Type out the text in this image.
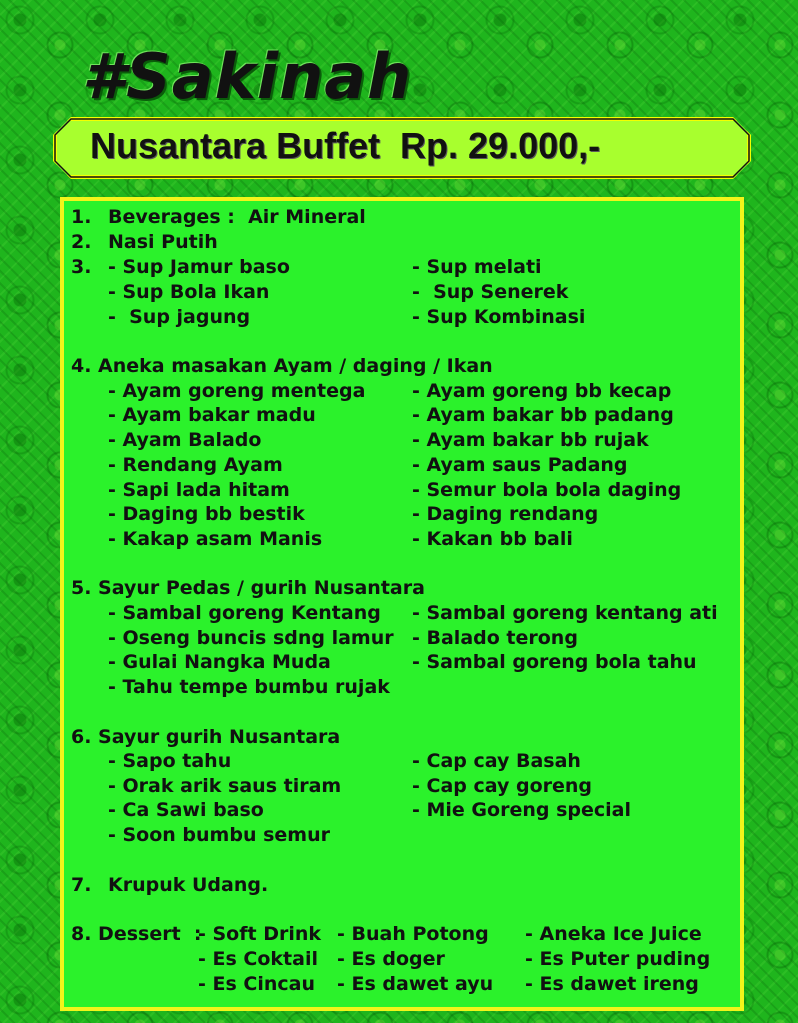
#Sakinah
Nusantara Buffet  Rp. 29.000,-
1. Beverages :  Air Mineral
2. Nasi Putih
3. - Sup Jamur baso
- Sup Bola Ikan
-  Sup jagung
- Sup melati
-  Sup Senerek
- Sup Kombinasi
4. Aneka masakan Ayam / daging / Ikan
- Ayam goreng mentega
- Ayam bakar madu
- Ayam Balado
- Rendang Ayam
- Sapi lada hitam
- Daging bb bestik
- Kakap asam Manis
- Ayam goreng bb kecap
- Ayam bakar bb padang
- Ayam bakar bb rujak
- Ayam saus Padang
- Semur bola bola daging
- Daging rendang
- Kakan bb bali
5. Sayur Pedas / gurih Nusantara
- Sambal goreng Kentang
- Oseng buncis sdng lamur
- Gulai Nangka Muda
- Tahu tempe bumbu rujak
- Sambal goreng kentang ati
- Balado terong
- Sambal goreng bola tahu
6. Sayur gurih Nusantara
- Sapo tahu
- Orak arik saus tiram
- Ca Sawi baso
- Soon bumbu semur
- Cap cay Basah
- Cap cay goreng
- Mie Goreng special
7. Krupuk Udang.
8. Dessert  :
- Soft Drink
- Es Coktail
- Es Cincau
- Buah Potong
- Es doger
- Es dawet ayu
- Aneka Ice Juice
- Es Puter puding
- Es dawet ireng
